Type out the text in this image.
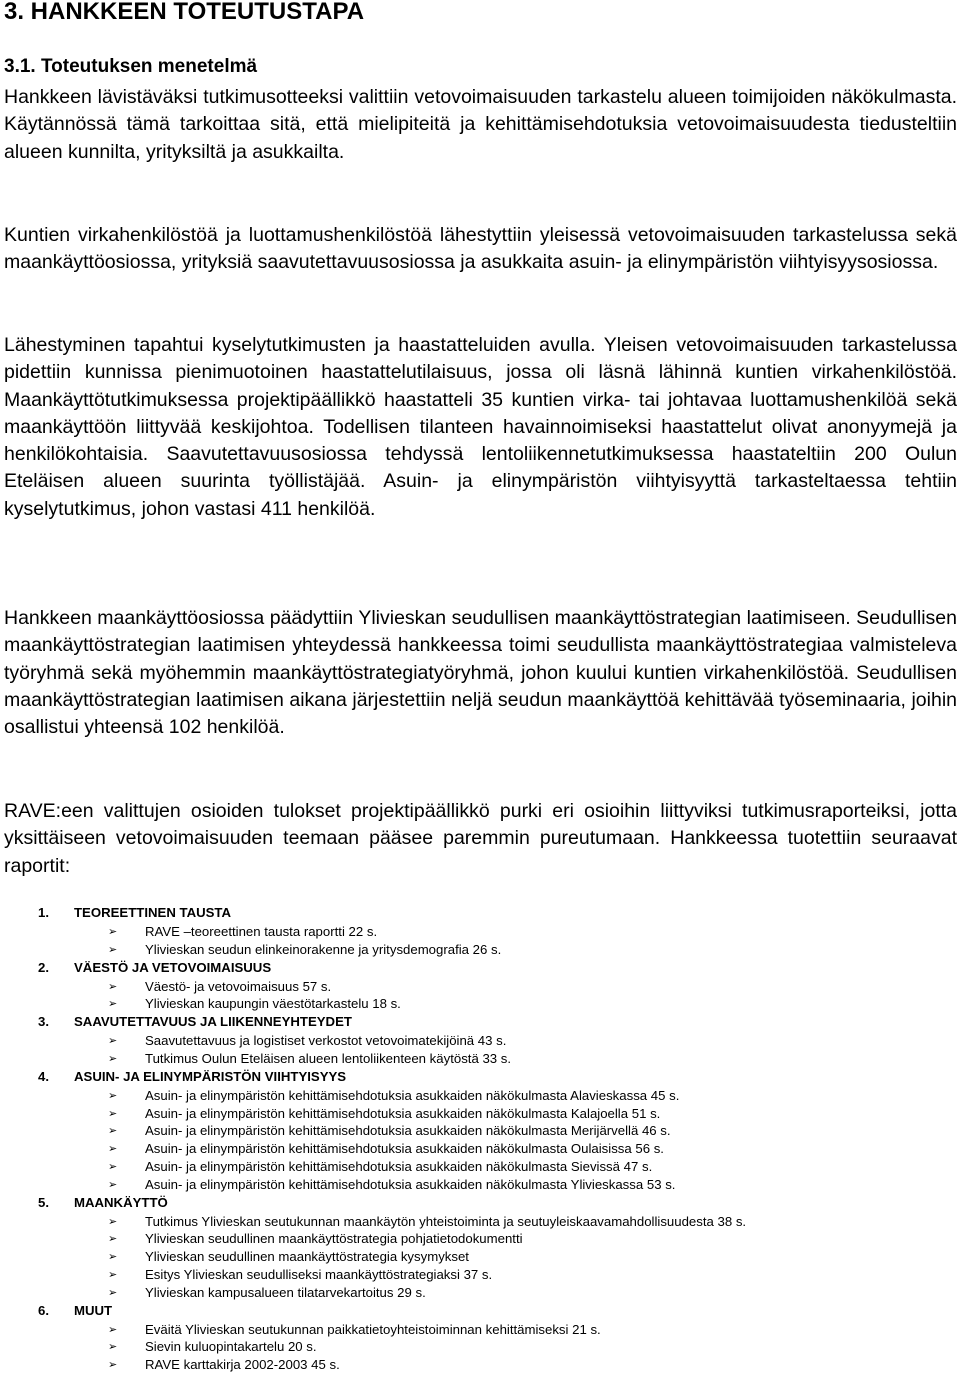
3. HANKKEEN TOTEUTUSTAPA
3.1. Toteutuksen menetelmä

Hankkeen lävistäväksi tutkimusotteeksi valittiin vetovoimaisuuden tarkastelu alueen toimijoiden näkökulmasta. Käytännössä tämä tarkoittaa sitä, että mielipiteitä ja kehittämisehdotuksia vetovoimaisuudesta tiedusteltiin alueen kunnilta, yrityksiltä ja asukkailta.

Kuntien virkahenkilöstöä ja luottamushenkilöstöä lähestyttiin yleisessä vetovoimaisuuden tarkastelussa sekä maankäyttöosiossa, yrityksiä saavutettavuusosiossa ja asukkaita asuin- ja elinympäristön viihtyisyysosiossa.

Lähestyminen tapahtui kyselytutkimusten ja haastatteluiden avulla. Yleisen vetovoimaisuuden tarkastelussa pidettiin kunnissa pienimuotoinen haastattelutilaisuus, jossa oli läsnä lähinnä kuntien virkahenkilöstöä. Maankäyttötutkimuksessa projektipäällikkö haastatteli 35 kuntien virka- tai johtavaa luottamushenkilöä sekä maankäyttöön liittyvää keskijohtoa. Todellisen tilanteen havainnoimiseksi haastattelut olivat anonyymejä ja henkilökohtaisia. Saavutettavuusosiossa tehdyssä lentoliikennetutkimuksessa haastateltiin 200 Oulun Eteläisen alueen suurinta työllistäjää. Asuin- ja elinympäristön viihtyisyyttä tarkasteltaessa tehtiin kyselytutkimus, johon vastasi 411 henkilöä.

Hankkeen maankäyttöosiossa päädyttiin Ylivieskan seudullisen maankäyttöstrategian laatimiseen. Seudullisen maankäyttöstrategian laatimisen yhteydessä hankkeessa toimi seudullista maankäyttöstrategiaa valmisteleva työryhmä sekä myöhemmin maankäyttöstrategiatyöryhmä, johon kuului kuntien virkahenkilöstöä. Seudullisen maankäyttöstrategian laatimisen aikana järjestettiin neljä seudun maankäyttöä kehittävää työseminaaria, joihin osallistui yhteensä 102 henkilöä.

RAVE:een valittujen osioiden tulokset projektipäällikkö purki eri osioihin liittyviksi tutkimusraporteiksi, jotta yksittäiseen vetovoimaisuuden teemaan pääsee paremmin pureutumaan. Hankkeessa tuotettiin seuraavat raportit:

1. TEOREETTINEN TAUSTA
➢ RAVE –teoreettinen tausta raportti 22 s.
➢ Ylivieskan seudun elinkeinorakenne ja yritysdemografia 26 s.
2. VÄESTÖ JA VETOVOIMAISUUS
➢ Väestö- ja vetovoimaisuus 57 s.
➢ Ylivieskan kaupungin väestötarkastelu 18 s.
3. SAAVUTETTAVUUS JA LIIKENNEYHTEYDET
➢ Saavutettavuus ja logistiset verkostot vetovoimatekijöinä 43 s.
➢ Tutkimus Oulun Eteläisen alueen lentoliikenteen käytöstä 33 s.
4. ASUIN- JA ELINYMPÄRISTÖN VIIHTYISYYS
➢ Asuin- ja elinympäristön kehittämisehdotuksia asukkaiden näkökulmasta Alavieskassa 45 s.
➢ Asuin- ja elinympäristön kehittämisehdotuksia asukkaiden näkökulmasta Kalajoella 51 s.
➢ Asuin- ja elinympäristön kehittämisehdotuksia asukkaiden näkökulmasta Merijärvellä 46 s.
➢ Asuin- ja elinympäristön kehittämisehdotuksia asukkaiden näkökulmasta Oulaisissa 56 s.
➢ Asuin- ja elinympäristön kehittämisehdotuksia asukkaiden näkökulmasta Sievissä 47 s.
➢ Asuin- ja elinympäristön kehittämisehdotuksia asukkaiden näkökulmasta Ylivieskassa 53 s.
5. MAANKÄYTTÖ
➢ Tutkimus Ylivieskan seutukunnan maankäytön yhteistoiminta ja seutuyleiskaavamahdollisuudesta 38 s.
➢ Ylivieskan seudullinen maankäyttöstrategia pohjatietodokumentti
➢ Ylivieskan seudullinen maankäyttöstrategia kysymykset
➢ Esitys Ylivieskan seudulliseksi maankäyttöstrategiaksi 37 s.
➢ Ylivieskan kampusalueen tilatarvekartoitus 29 s.
6. MUUT
➢ Eväitä Ylivieskan seutukunnan paikkatietoyhteistoiminnan kehittämiseksi 21 s.
➢ Sievin kuluopintakartelu 20 s.
➢ RAVE karttakirja 2002-2003 45 s.
